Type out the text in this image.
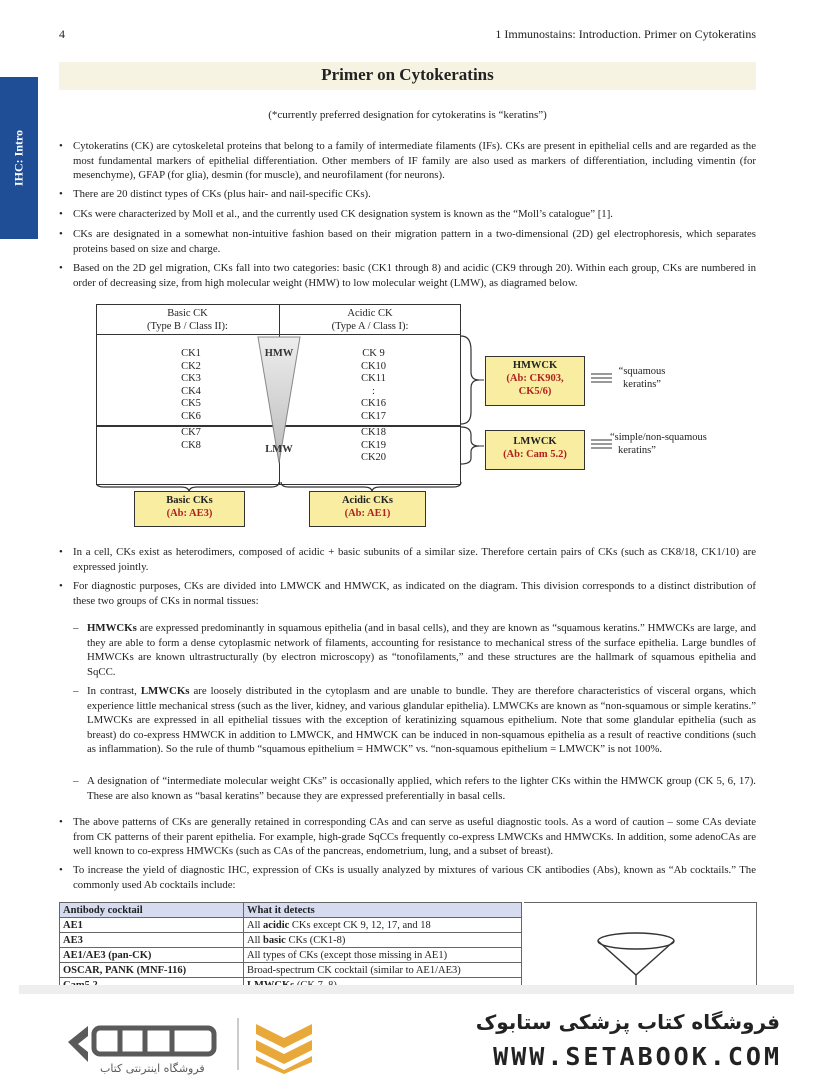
4	1 Immunostains: Introduction. Primer on Cytokeratins
IHC: Intro
Primer on Cytokeratins
(*currently preferred designation for cytokeratins is “keratins”)
• Cytokeratins (CK) are cytoskeletal proteins that belong to a family of intermediate filaments (IFs). CKs are present in epithelial cells and are regarded as the most fundamental markers of epithelial differentiation. Other members of IF family are also used as markers of differentiation, including vimentin (for mesenchyme), GFAP (for glia), desmin (for muscle), and neurofilament (for neurons).
• There are 20 distinct types of CKs (plus hair- and nail-specific CKs).
• CKs were characterized by Moll et al., and the currently used CK designation system is known as the “Moll’s catalogue” [1].
• CKs are designated in a somewhat non-intuitive fashion based on their migration pattern in a two-dimensional (2D) gel electrophoresis, which separates proteins based on size and charge.
• Based on the 2D gel migration, CKs fall into two categories: basic (CK1 through 8) and acidic (CK9 through 20). Within each group, CKs are numbered in order of decreasing size, from high molecular weight (HMW) to low molecular weight (LMW), as diagramed below.
Basic CK
(Type B / Class II):
Acidic CK
(Type A / Class I):
HMW
LMW
CK1
CK2
CK3
CK4
CK5
CK6
CK 9
CK10
CK11
:
CK16
CK17
CK7
CK8
CK18
CK19
CK20
HMWCK
(Ab: CK903,
CK5/6)
LMWCK
(Ab: Cam 5.2)
“squamous
keratins”
“simple/non-squamous
keratins”
Basic CKs
(Ab: AE3)
Acidic CKs
(Ab: AE1)
• In a cell, CKs exist as heterodimers, composed of acidic + basic subunits of a similar size. Therefore certain pairs of CKs (such as CK8/18, CK1/10) are expressed jointly.
• For diagnostic purposes, CKs are divided into LMWCK and HMWCK, as indicated on the diagram. This division corresponds to a distinct distribution of these two groups of CKs in normal tissues:
– HMWCKs are expressed predominantly in squamous epithelia (and in basal cells), and they are known as “squamous keratins.” HMWCKs are large, and they are able to form a dense cytoplasmic network of filaments, accounting for resistance to mechanical stress of the surface epithelia. Large bundles of HMWCKs are known ultrastructurally (by electron microscopy) as “tonofilaments,” and these structures are the hallmark of squamous epithelia and SqCC.
– In contrast, LMWCKs are loosely distributed in the cytoplasm and are unable to bundle. They are therefore characteristics of visceral organs, which experience little mechanical stress (such as the liver, kidney, and various glandular epithelia). LMWCKs are known as “non-squamous or simple keratins.” LMWCKs are expressed in all epithelial tissues with the exception of keratinizing squamous epithelium. Note that some glandular epithelia (such as breast) do co-express HMWCK in addition to LMWCK, and HMWCK can be induced in non-squamous epithelia as a result of reactive conditions (such as inflammation). So the rule of thumb “squamous epithelium = HMWCK” vs. “non-squamous epithelium = LMWCK” is not 100%.
– A designation of “intermediate molecular weight CKs” is occasionally applied, which refers to the lighter CKs within the HMWCK group (CK 5, 6, 17). These are also known as “basal keratins” because they are expressed preferentially in basal cells.
• The above patterns of CKs are generally retained in corresponding CAs and can serve as useful diagnostic tools. As a word of caution – some CAs deviate from CK patterns of their parent epithelia. For example, high-grade SqCCs frequently co-express LMWCKs and HMWCKs. In addition, some adenoCAs are well known to co-express HMWCKs (such as CAs of the pancreas, endometrium, lung, and a subset of breast).
• To increase the yield of diagnostic IHC, expression of CKs is usually analyzed by mixtures of various CK antibodies (Abs), known as “Ab cocktails.” The commonly used Ab cocktails include:
Antibody cocktail	What it detects
AE1	All acidic CKs except CK 9, 12, 17, and 18
AE3	All basic CKs (CK1-8)
AE1/AE3 (pan-CK)	All types of CKs (except those missing in AE1)
OSCAR, PANK (MNF-116)	Broad-spectrum CK cocktail (similar to AE1/AE3)

فروشگاه اینترنتی کتاب
فروشگاه کتاب پزشکی ستابوک
WWW.SETABOOK.COM
